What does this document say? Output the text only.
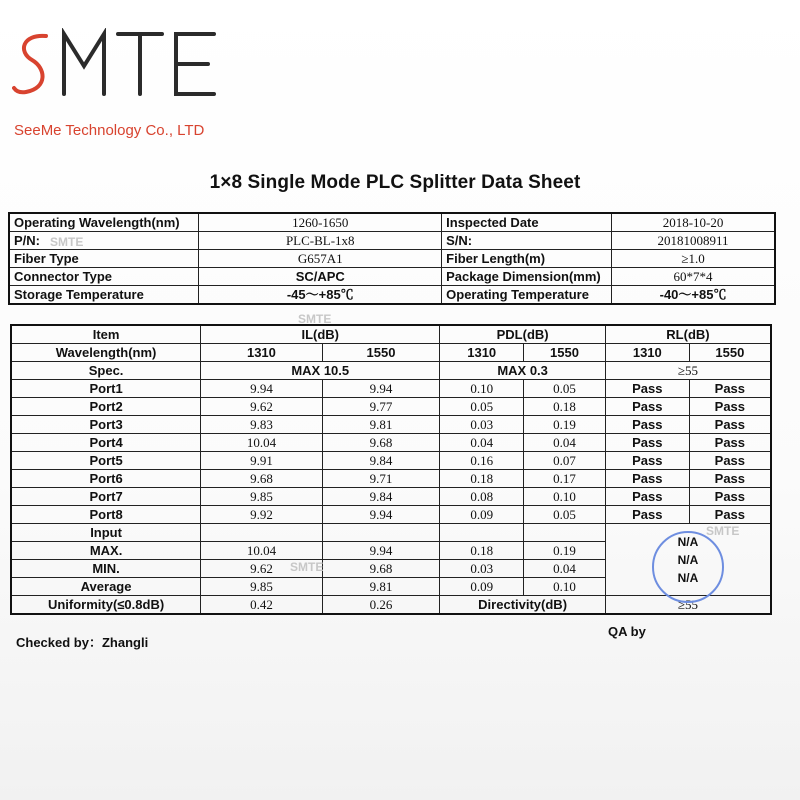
SeeMe Technology Co., LTD
1×8 Single Mode PLC Splitter Data Sheet
Operating Wavelength(nm)	1260-1650	Inspected Date	2018-10-20
P/N:	PLC-BL-1x8	S/N:	20181008911
Fiber Type	G657A1	Fiber Length(m)	≥1.0
Connector Type	SC/APC	Package Dimension(mm)	60*7*4
Storage Temperature	-45～+85℃	Operating Temperature	-40～+85℃
SMTE
SMTE
Item	IL(dB)		PDL(dB)		RL(dB)	
Wavelength(nm)	1310	1550	1310	1550	1310	1550
Spec.	MAX 10.5		MAX 0.3		≥55	
Port1	9.94	9.94	0.10	0.05	Pass	Pass
Port2	9.62	9.77	0.05	0.18	Pass	Pass
Port3	9.83	9.81	0.03	0.19	Pass	Pass
Port4	10.04	9.68	0.04	0.04	Pass	Pass
Port5	9.91	9.84	0.16	0.07	Pass	Pass
Port6	9.68	9.71	0.18	0.17	Pass	Pass
Port7	9.85	9.84	0.08	0.10	Pass	Pass
Port8	9.92	9.94	0.09	0.05	Pass	Pass
Input					N/A
N/A
N/A	

MAX.	10.04	9.94	0.18	0.19		
MIN.	9.62	9.68	0.03	0.04		
Average	9.85	9.81	0.09	0.10		
Uniformity(≤0.8dB)	0.42	0.26	Directivity(dB)		≥55	
SMTE
SMTE
Checked by：Zhangli
QA by
